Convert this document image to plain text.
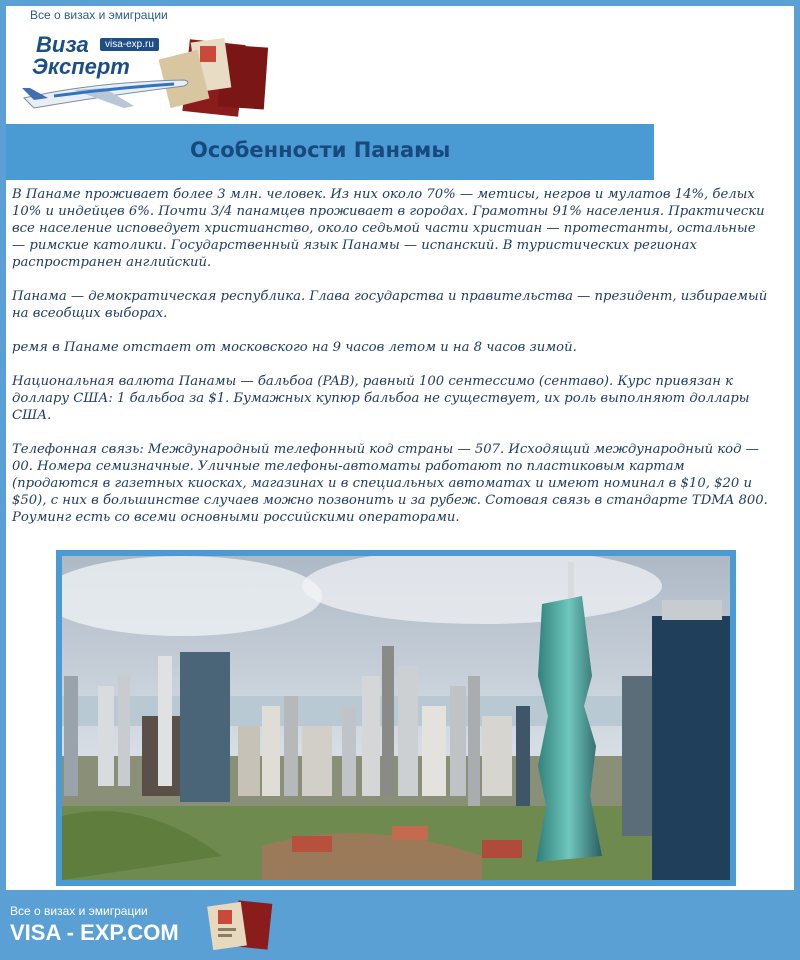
Все о визах и эмиграции
Виза
Эксперт
visa-exp.ru
Особенности Панамы

В Панаме проживает более 3 млн. человек. Из них около 70% — метисы, негров и мулатов 14%, белых 10% и индейцев 6%. Почти 3/4 панамцев проживает в городах. Грамотны 91% населения. Практически все население исповедует христианство, около седьмой части христиан — протестанты, остальные — римские католики. Государственный язык Панамы — испанский. В туристических регионах распространен английский.

Панама — демократическая республика. Глава государства и правительства — президент, избираемый на всеобщих выборах.

ремя в Панаме отстает от московского на 9 часов летом и на 8 часов зимой.

Национальная валюта Панамы — бальбоа (PAB), равный 100 сентессимо (сентаво). Курс привязан к доллару США: 1 бальбоа за $1. Бумажных купюр бальбоа не существует, их роль выполняют доллары США.

Телефонная связь: Международный телефонный код страны — 507. Исходящий международный код — 00. Номера семизначные. Уличные телефоны-автоматы работают по пластиковым картам (продаются в газетных киосках, магазинах и в специальных автоматах и имеют номинал в $10, $20 и $50), с них в большинстве случаев можно позвонить и за рубеж. Сотовая связь в стандарте TDMA 800. Роуминг есть со всеми основными российскими операторами.

Все о визах и эмиграции
VISA - EXP.COM
